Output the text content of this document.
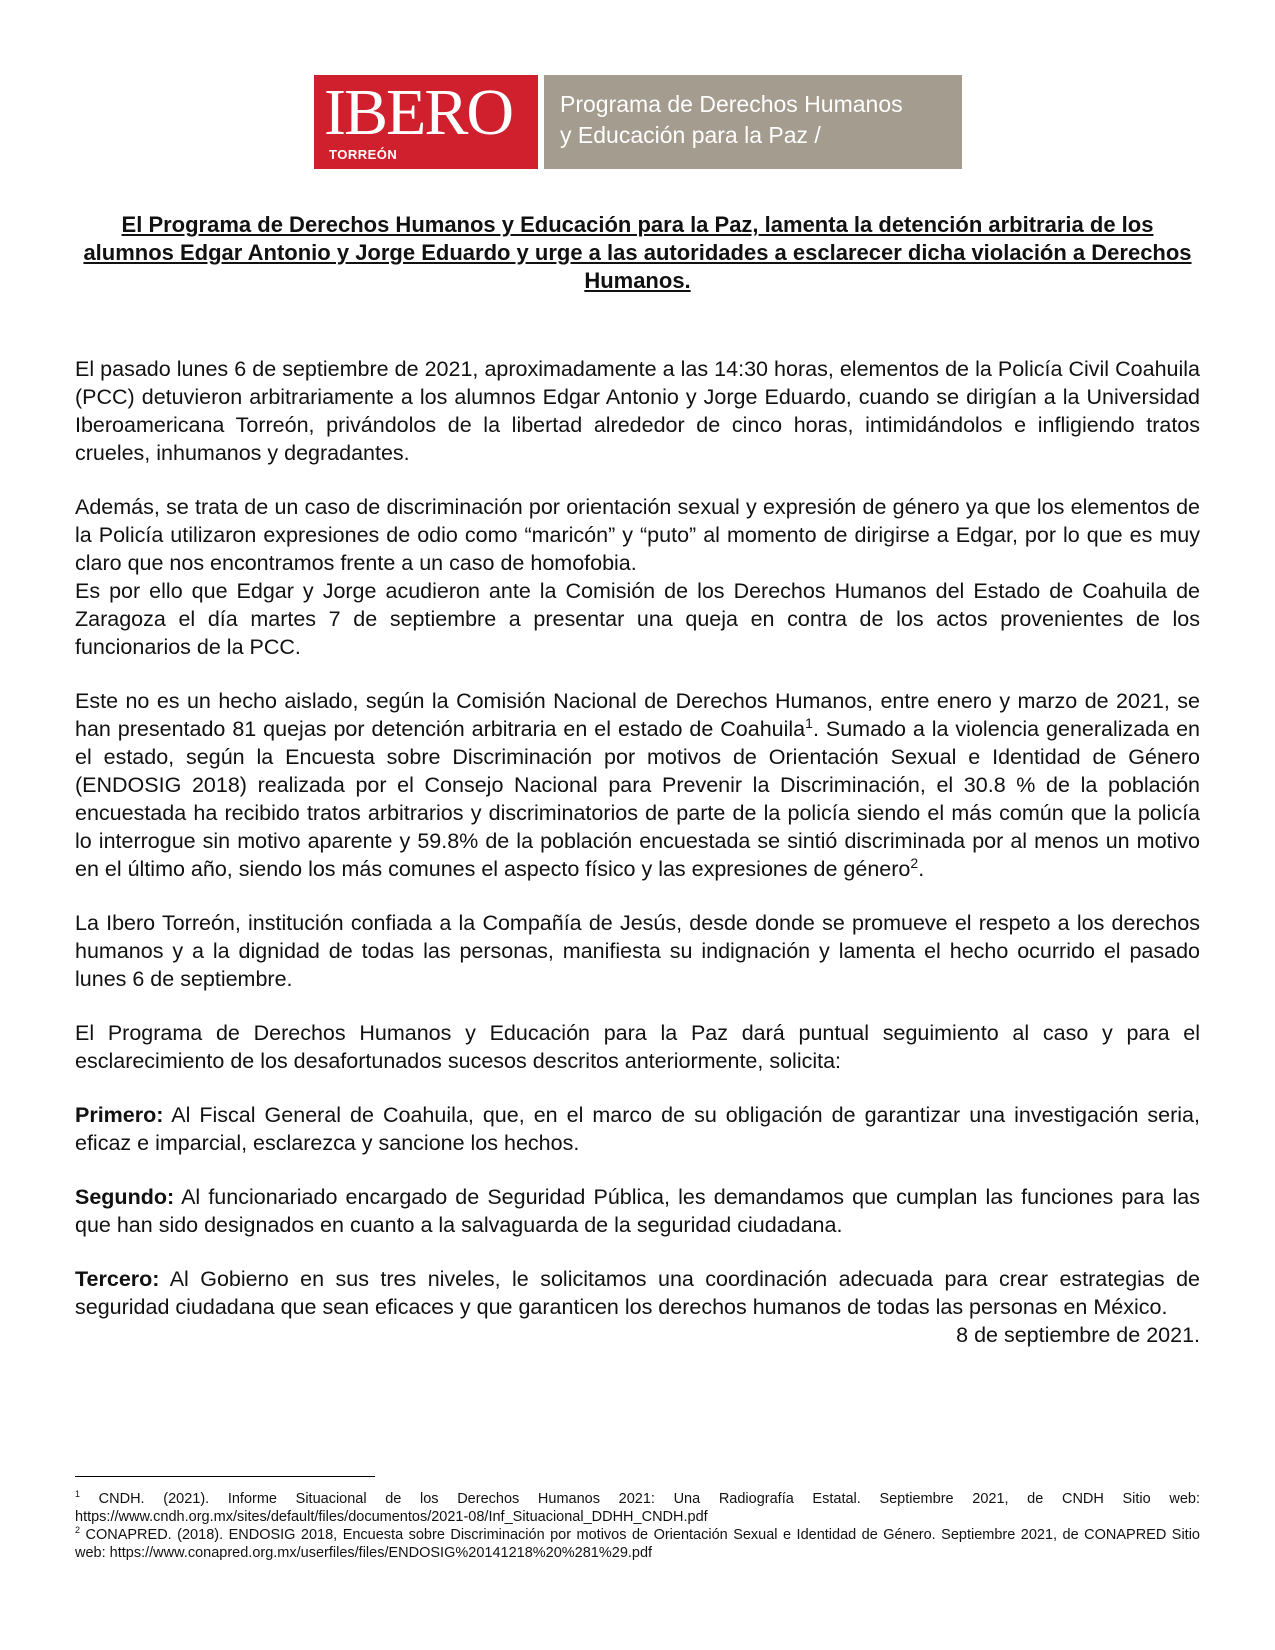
IBERO
TORREÓN
Programa de Derechos Humanos
y Educación para la Paz /
El Programa de Derechos Humanos y Educación para la Paz, lamenta la detención arbitraria de los alumnos Edgar Antonio y Jorge Eduardo y urge a las autoridades a esclarecer dicha violación a Derechos Humanos.

El pasado lunes 6 de septiembre de 2021, aproximadamente a las 14:30 horas, elementos de la Policía Civil Coahuila (PCC) detuvieron arbitrariamente a los alumnos Edgar Antonio y Jorge Eduardo, cuando se dirigían a la Universidad Iberoamericana Torreón, privándolos de la libertad alrededor de cinco horas, intimidándolos e infligiendo tratos crueles, inhumanos y degradantes.

Además, se trata de un caso de discriminación por orientación sexual y expresión de género ya que los elementos de la Policía utilizaron expresiones de odio como “maricón” y “puto” al momento de dirigirse a Edgar, por lo que es muy claro que nos encontramos frente a un caso de homofobia.

Es por ello que Edgar y Jorge acudieron ante la Comisión de los Derechos Humanos del Estado de Coahuila de Zaragoza el día martes 7 de septiembre a presentar una queja en contra de los actos provenientes de los funcionarios de la PCC.

Este no es un hecho aislado, según la Comisión Nacional de Derechos Humanos, entre enero y marzo de 2021, se han presentado 81 quejas por detención arbitraria en el estado de Coahuila$^1$. Sumado a la violencia generalizada en el estado, según la Encuesta sobre Discriminación por motivos de Orientación Sexual e Identidad de Género (ENDOSIG 2018) realizada por el Consejo Nacional para Prevenir la Discriminación, el 30.8 % de la población encuestada ha recibido tratos arbitrarios y discriminatorios de parte de la policía siendo el más común que la policía lo interrogue sin motivo aparente y 59.8% de la población encuestada se sintió discriminada por al menos un motivo en el último año, siendo los más comunes el aspecto físico y las expresiones de género$^2$.

La Ibero Torreón, institución confiada a la Compañía de Jesús, desde donde se promueve el respeto a los derechos humanos y a la dignidad de todas las personas, manifiesta su indignación y lamenta el hecho ocurrido el pasado lunes 6 de septiembre.

El Programa de Derechos Humanos y Educación para la Paz dará puntual seguimiento al caso y para el esclarecimiento de los desafortunados sucesos descritos anteriormente, solicita:

Primero: Al Fiscal General de Coahuila, que, en el marco de su obligación de garantizar una investigación seria, eficaz e imparcial, esclarezca y sancione los hechos.

Segundo: Al funcionariado encargado de Seguridad Pública, les demandamos que cumplan las funciones para las que han sido designados en cuanto a la salvaguarda de la seguridad ciudadana.

Tercero: Al Gobierno en sus tres niveles, le solicitamos una coordinación adecuada para crear estrategias de seguridad ciudadana que sean eficaces y que garanticen los derechos humanos de todas las personas en México.

8 de septiembre de 2021.

$^1$ CNDH. (2021). Informe Situacional de los Derechos Humanos 2021: Una Radiografía Estatal. Septiembre 2021, de CNDH Sitio web: https://www.cndh.org.mx/sites/default/files/documentos/2021-08/Inf_Situacional_DDHH_CNDH.pdf

$^2$ CONAPRED. (2018). ENDOSIG 2018, Encuesta sobre Discriminación por motivos de Orientación Sexual e Identidad de Género. Septiembre 2021, de CONAPRED Sitio web: https://www.conapred.org.mx/userfiles/files/ENDOSIG%20141218%20%281%29.pdf
